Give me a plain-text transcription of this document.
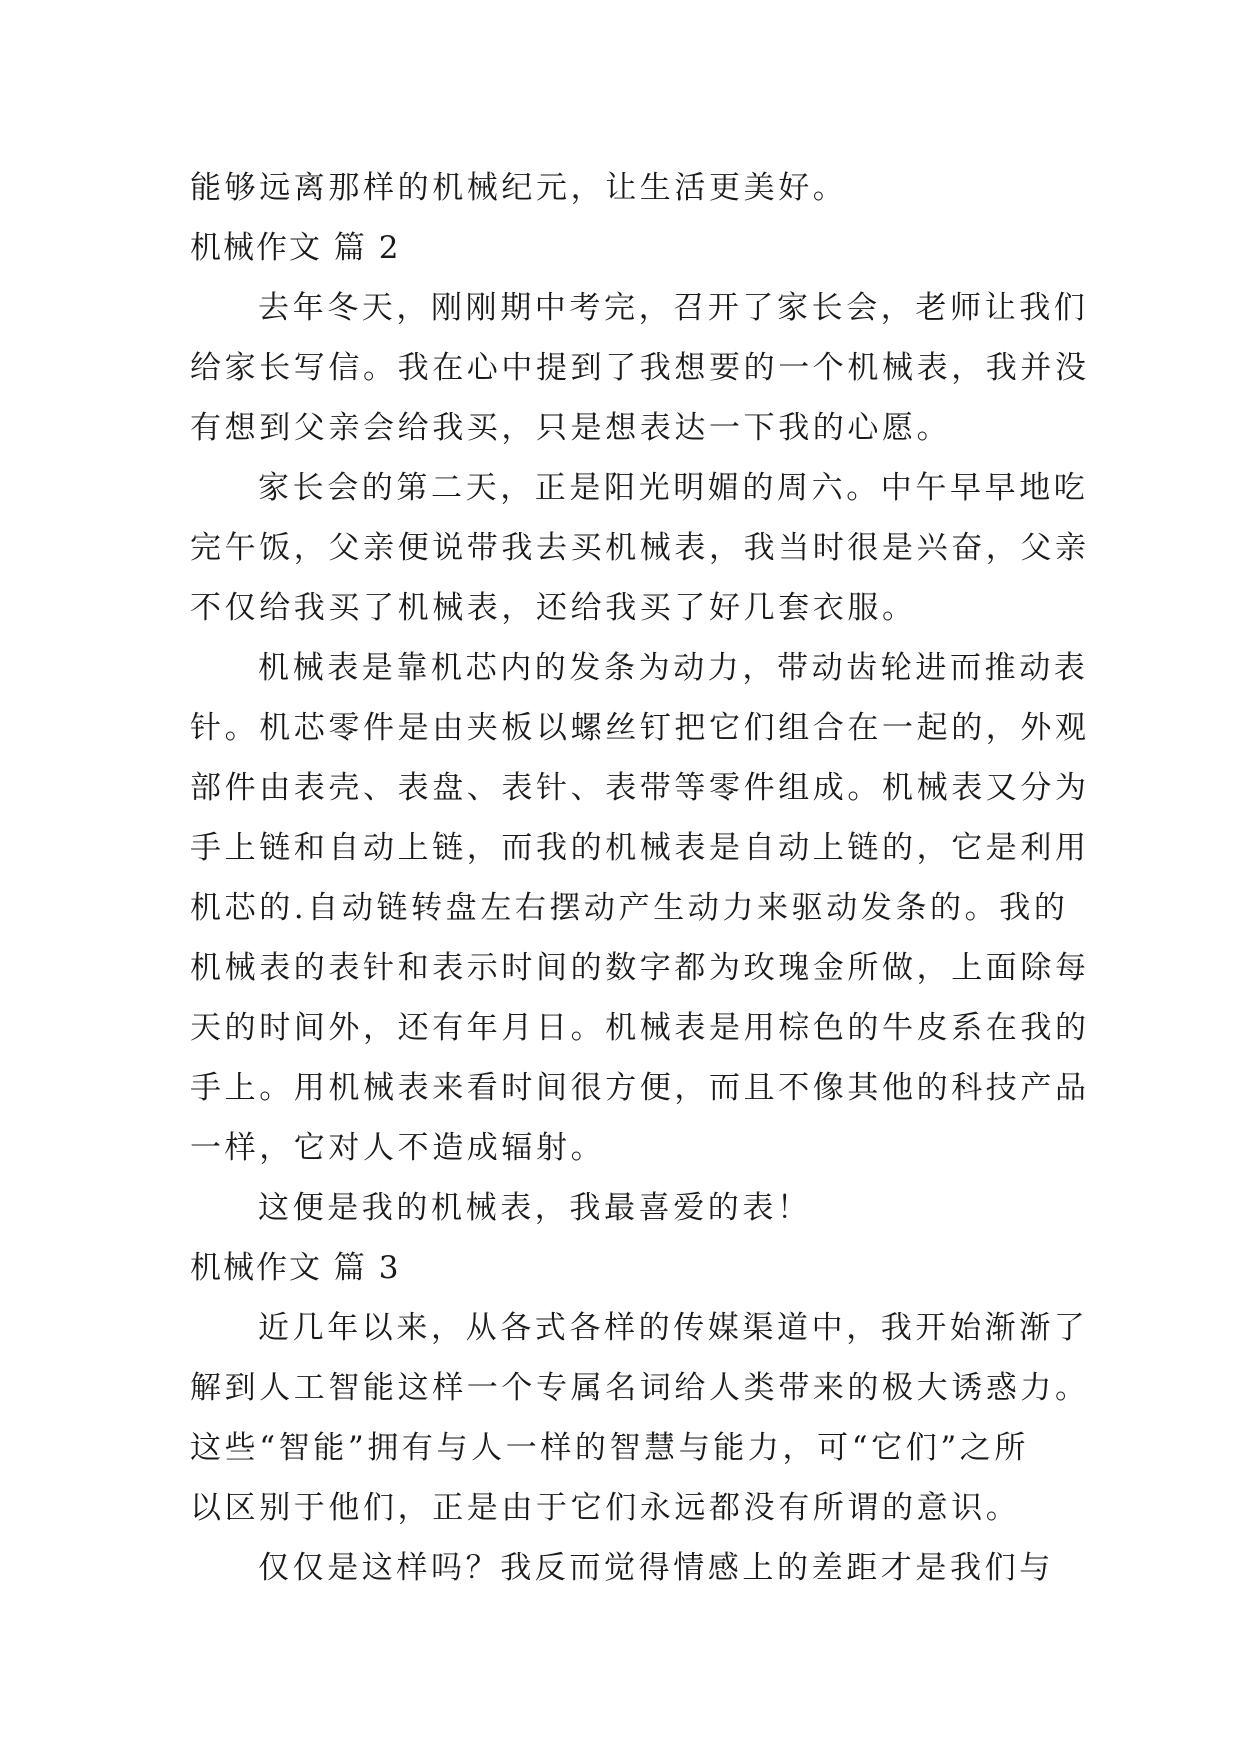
能够远离那样的机械纪元，让生活更美好。
机械作文 篇 2
去年冬天，刚刚期中考完，召开了家长会，老师让我们
给家长写信。我在心中提到了我想要的一个机械表，我并没
有想到父亲会给我买，只是想表达一下我的心愿。
家长会的第二天，正是阳光明媚的周六。中午早早地吃
完午饭，父亲便说带我去买机械表，我当时很是兴奋，父亲
不仅给我买了机械表，还给我买了好几套衣服。
机械表是靠机芯内的发条为动力，带动齿轮进而推动表
针。机芯零件是由夹板以螺丝钉把它们组合在一起的，外观
部件由表壳、表盘、表针、表带等零件组成。机械表又分为
手上链和自动上链，而我的机械表是自动上链的，它是利用
机芯的.自动链转盘左右摆动产生动力来驱动发条的。我的
机械表的表针和表示时间的数字都为玫瑰金所做，上面除每
天的时间外，还有年月日。机械表是用棕色的牛皮系在我的
手上。用机械表来看时间很方便，而且不像其他的科技产品
一样，它对人不造成辐射。
这便是我的机械表，我最喜爱的表！
机械作文 篇 3
近几年以来，从各式各样的传媒渠道中，我开始渐渐了
解到人工智能这样一个专属名词给人类带来的极大诱惑力。
这些“智能”拥有与人一样的智慧与能力，可“它们”之所
以区别于他们，正是由于它们永远都没有所谓的意识。
仅仅是这样吗？我反而觉得情感上的差距才是我们与
